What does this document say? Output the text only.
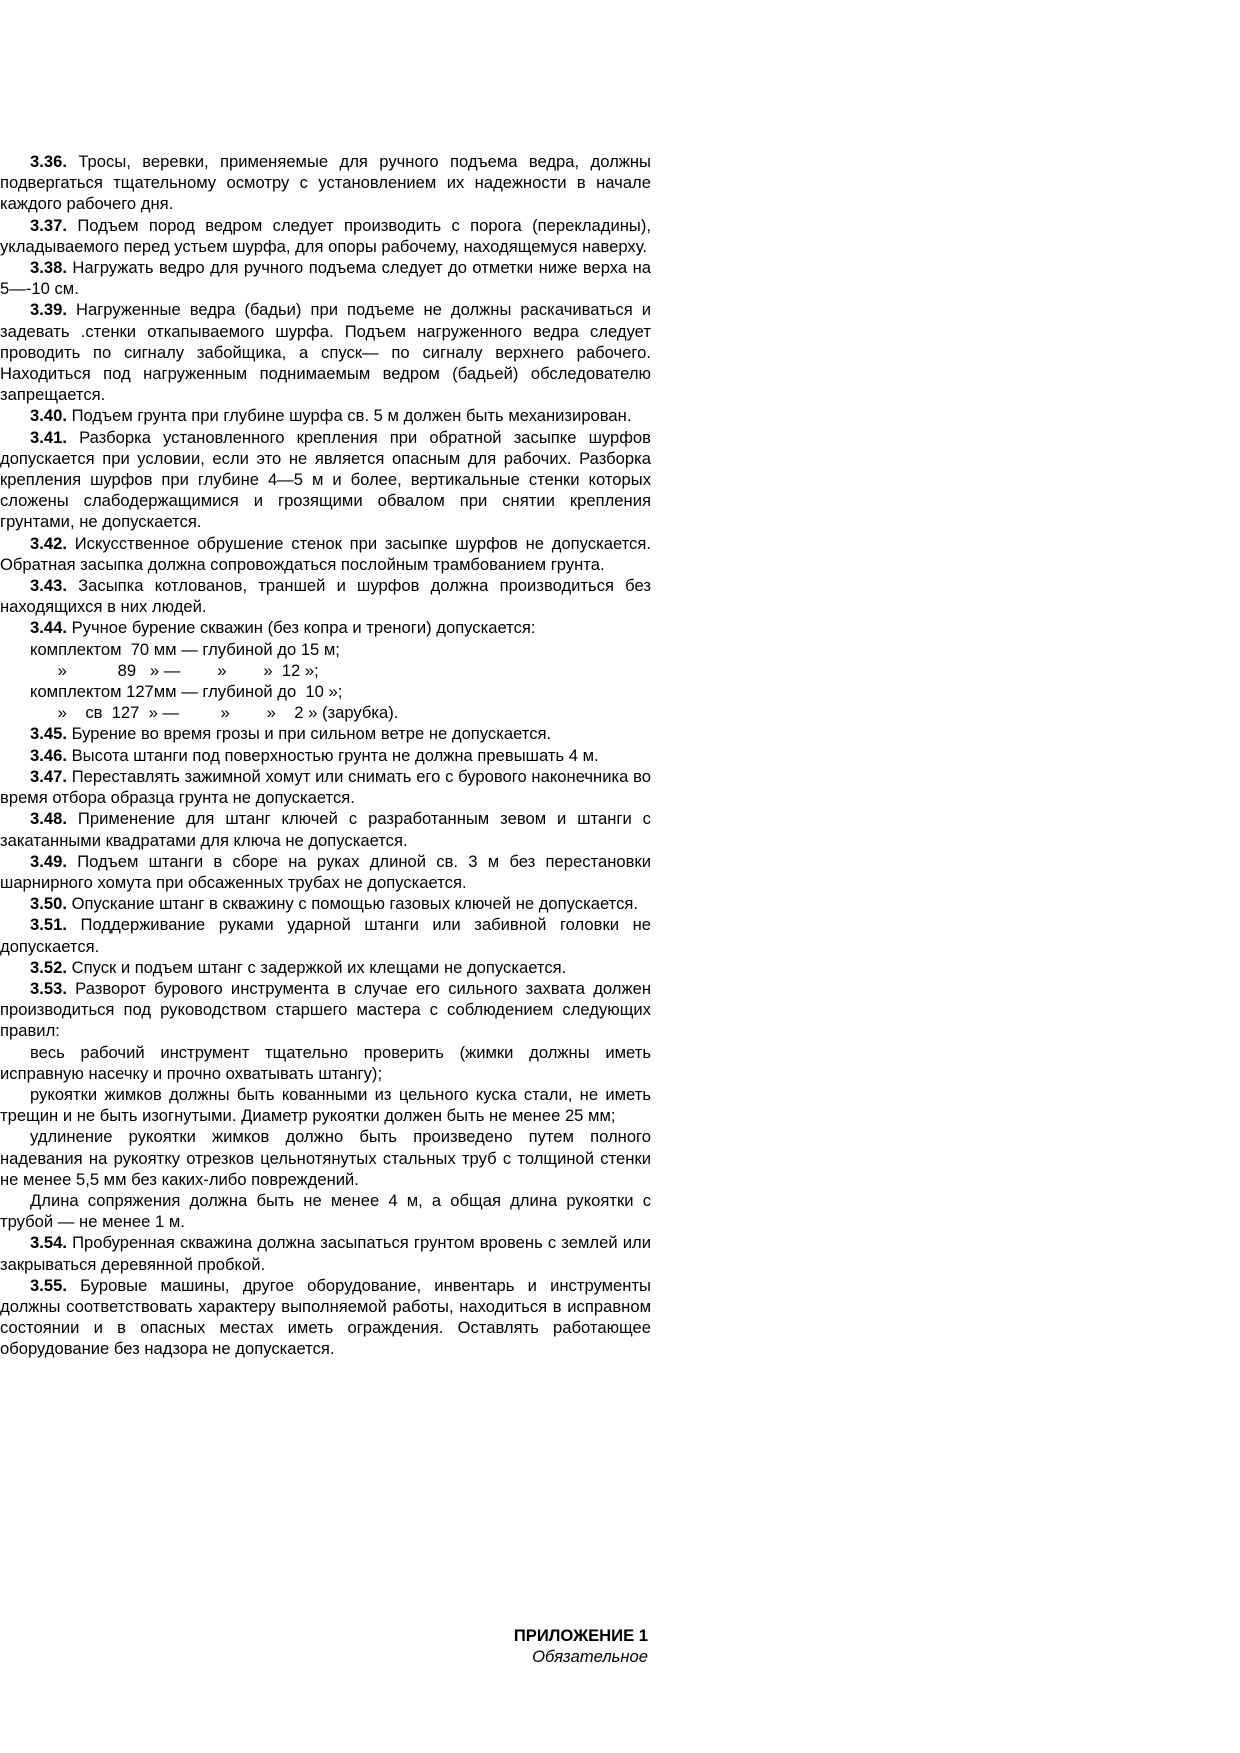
3.36. Тросы, веревки, применяемые для ручного подъема ведра, должны подвергаться тщательному осмотру с установлением их надежности в начале каждого рабочего дня.

3.37. Подъем пород ведром следует производить с порога (перекладины), укладываемого перед устьем шурфа, для опоры рабочему, находящемуся наверху.

3.38. Нагружать ведро для ручного подъема следует до отметки ниже верха на 5—-10 см.

3.39. Нагруженные ведра (бадьи) при подъеме не должны раскачиваться и задевать .стенки откапываемого шурфа. Подъем нагруженного ведра следует проводить по сигналу забойщика, а спуск— по сигналу верхнего рабочего. Находиться под нагруженным поднимаемым ведром (бадьей) обследователю запрещается.

3.40. Подъем грунта при глубине шурфа св. 5 м должен быть механизирован.

3.41. Разборка установленного крепления при обратной засыпке шурфов допускается при условии, если это не является опасным для рабочих. Разборка крепления шурфов при глубине 4—5 м и более, вертикальные стенки которых сложены слабодержащимися и грозящими обвалом при снятии крепления грунтами, не допускается.

3.42. Искусственное обрушение стенок при засыпке шурфов не допускается. Обратная засыпка должна сопровождаться послойным трамбованием грунта.

3.43. Засыпка котлованов, траншей и шурфов должна производиться без находящихся в них людей.

3.44. Ручное бурение скважин (без копра и треноги) допускается:

комплектом  70 мм — глубиной до 15 м;

»           89   » —        »        »  12 »;

комплектом 127мм — глубиной до  10 »;

»    св  127  » —         »        »    2 » (зарубка).

3.45. Бурение во время грозы и при сильном ветре не допускается.

3.46. Высота штанги под поверхностью грунта не должна превышать 4 м.

3.47. Переставлять зажимной хомут или снимать его с бурового наконечника во время отбора образца грунта не допускается.

3.48. Применение для штанг ключей с разработанным зевом и штанги с закатанными квадратами для ключа не допускается.

3.49. Подъем штанги в сборе на руках длиной св. 3 м без перестановки шарнирного хомута при обсаженных трубах не допускается.

3.50. Опускание штанг в скважину с помощью газовых ключей не допускается.

3.51. Поддерживание руками ударной штанги или забивной головки не допускается.

3.52. Спуск и подъем штанг с задержкой их клещами не допускается.

3.53. Разворот бурового инструмента в случае его сильного захвата должен производиться под руководством старшего мастера с соблюдением следующих правил:

весь рабочий инструмент тщательно проверить (жимки должны иметь исправную насечку и прочно охватывать штангу);

рукоятки жимков должны быть кованными из цельного куска стали, не иметь трещин и не быть изогнутыми. Диаметр рукоятки должен быть не менее 25 мм;

удлинение рукоятки жимков должно быть произведено путем полного надевания на рукоятку отрезков цельнотянутых стальных труб с толщиной стенки не менее 5,5 мм без каких-либо повреждений.

Длина сопряжения должна быть не менее 4 м, а общая длина рукоятки с трубой — не менее 1 м.

3.54. Пробуренная скважина должна засыпаться грунтом вровень с землей или закрываться деревянной пробкой.

3.55. Буровые машины, другое оборудование, инвентарь и инструменты должны соответствовать характеру выполняемой работы, находиться в исправном состоянии и в опасных местах иметь ограждения. Оставлять работающее оборудование без надзора не допускается.

ПРИЛОЖЕНИЕ 1
Обязательное
